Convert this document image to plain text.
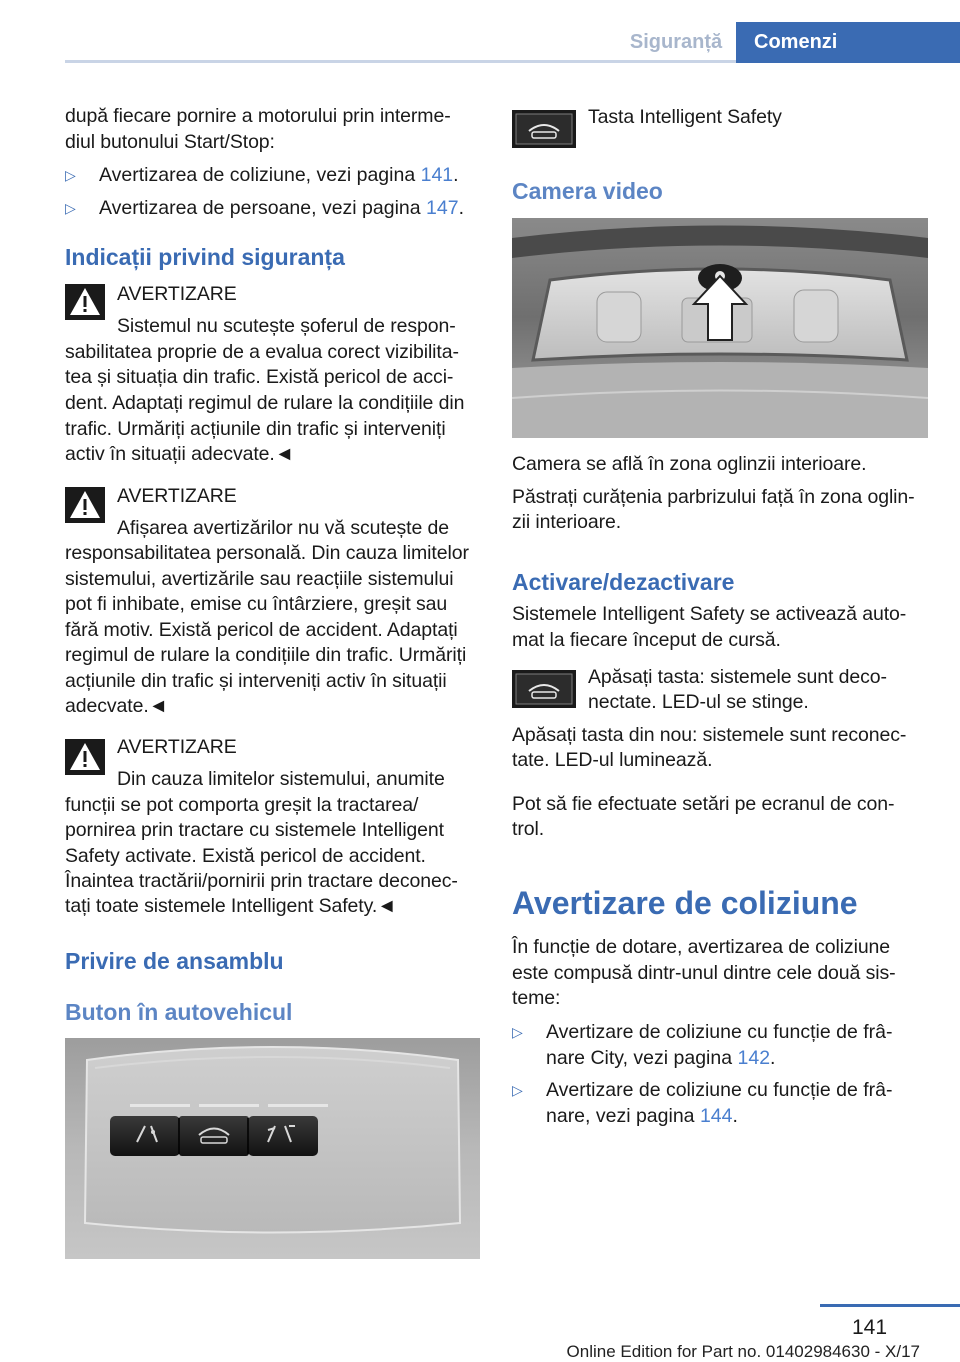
Siguranță	Comenzi
după fiecare pornire a motorului prin interme‐
diul butonului Start/Stop:
▷ Avertizarea de coliziune, vezi pagina 141.
▷ Avertizarea de persoane, vezi pagina 147.
Indicații privind siguranța
AVERTIZARE
Sistemul nu scutește șoferul de respon‐
sabilitatea proprie de a evalua corect vizibilita‐
tea și situația din trafic. Există pericol de acci‐
dent. Adaptați regimul de rulare la condițiile din
trafic. Urmăriți acțiunile din trafic și interveniți
activ în situații adecvate.◄
AVERTIZARE
Afișarea avertizărilor nu vă scutește de
responsabilitatea personală. Din cauza limitelor
sistemului, avertizările sau reacțiile sistemului
pot fi inhibate, emise cu întârziere, greșit sau
fără motiv. Există pericol de accident. Adaptați
regimul de rulare la condițiile din trafic. Urmăriți
acțiunile din trafic și interveniți activ în situații
adecvate.◄
AVERTIZARE
Din cauza limitelor sistemului, anumite
funcții se pot comporta greșit la tractarea/
pornirea prin tractare cu sistemele Intelligent
Safety activate. Există pericol de accident.
Înaintea tractării/pornirii prin tractare deconec‐
tați toate sistemele Intelligent Safety.◄
Privire de ansamblu
Buton în autovehicul
Tasta Intelligent Safety
Camera video
Camera se află în zona oglinzii interioare.
Păstrați curățenia parbrizului față în zona oglin‐
zii interioare.
Activare/dezactivare
Sistemele Intelligent Safety se activează auto‐
mat la fiecare început de cursă.
Apăsați tasta: sistemele sunt deco‐
nectate. LED-ul se stinge.
Apăsați tasta din nou: sistemele sunt reconec‐
tate. LED-ul luminează.
Pot să fie efectuate setări pe ecranul de con‐
trol.
Avertizare de coliziune
În funcție de dotare, avertizarea de coliziune
este compusă dintr-unul dintre cele două sis‐
teme:
▷ Avertizare de coliziune cu funcție de frâ‐
nare City, vezi pagina 142.
▷ Avertizare de coliziune cu funcție de frâ‐
nare, vezi pagina 144.
141
Online Edition for Part no. 01402984630 - X/17
